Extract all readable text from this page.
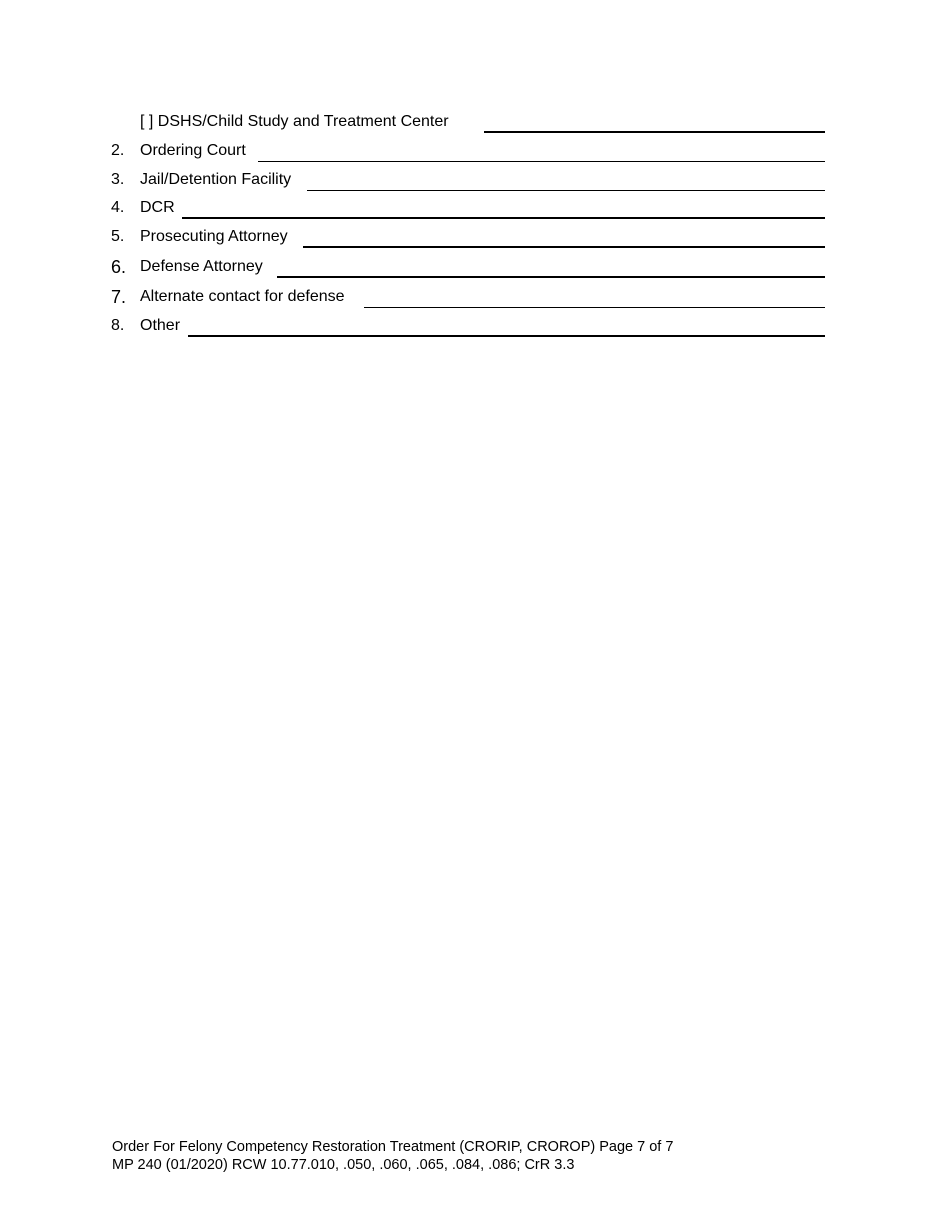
[ ] DSHS/Child Study and Treatment Center
2. Ordering Court
3. Jail/Detention Facility
4. DCR
5. Prosecuting Attorney
6. Defense Attorney
7. Alternate contact for defense
8. Other
Order For Felony Competency Restoration Treatment (CRORIP, CROROP) Page 7 of 7
MP 240 (01/2020) RCW 10.77.010, .050, .060, .065, .084, .086; CrR 3.3
